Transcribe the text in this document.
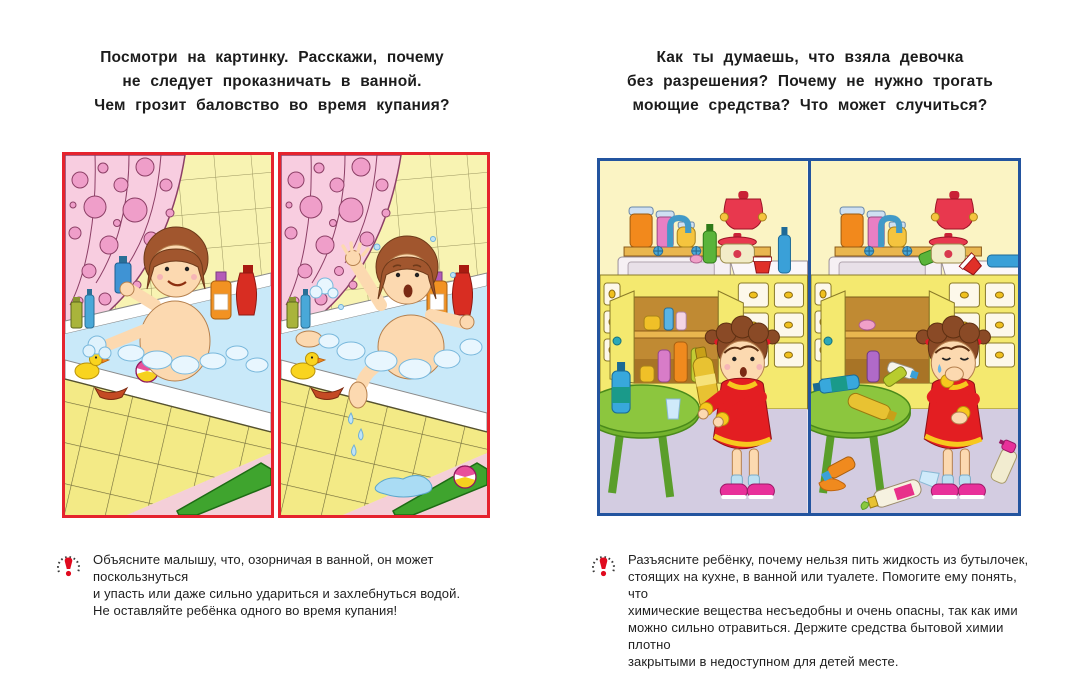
Посмотри на картинку. Расскажи, почему
не следует проказничать в ванной.
Чем грозит баловство во время купания?
Объясните малышу, что, озорничая в ванной, он может поскользнуться
и упасть или даже сильно удариться и захлебнуться водой.
Не оставляйте ребёнка одного во время купания!
Как ты думаешь, что взяла девочка
без разрешения? Почему не нужно трогать
моющие средства? Что может случиться?
Разъясните ребёнку, почему нельзя пить жидкость из бутылочек,
стоящих на кухне, в ванной или туалете. Помогите ему понять, что
химические вещества несъедобны и очень опасны, так как ими
можно сильно отравиться. Держите средства бытовой химии плотно
закрытыми в недоступном для детей месте.
